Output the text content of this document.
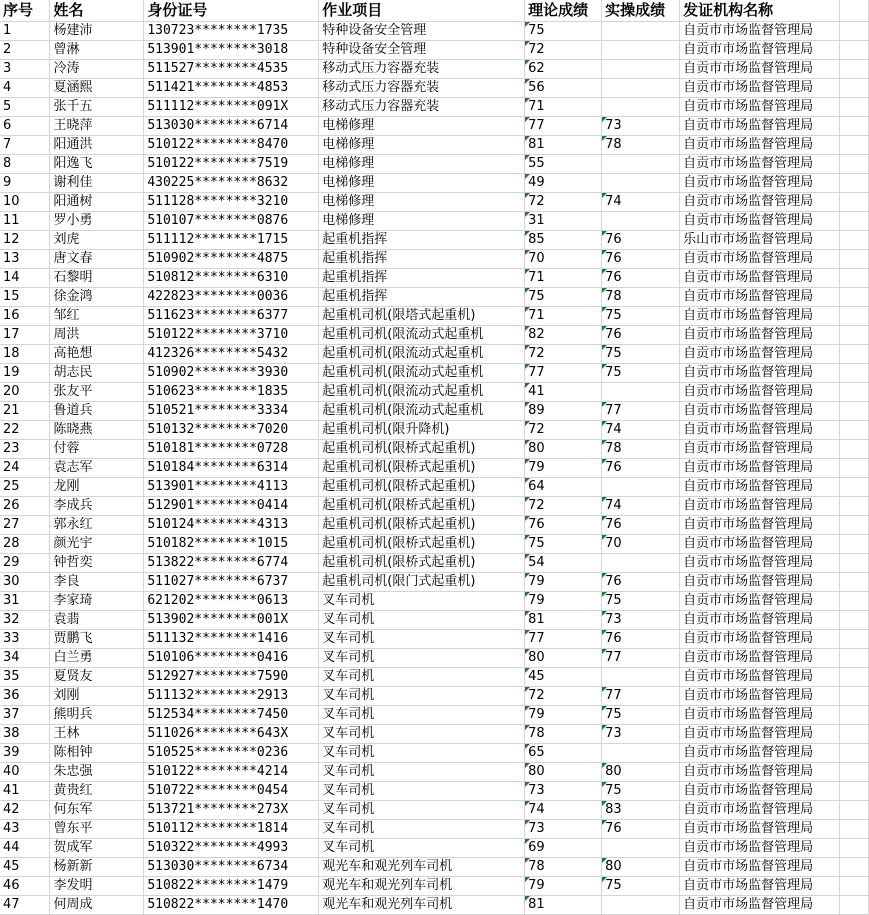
序号	姓名	身份证号	作业项目	理论成绩	实操成绩	发证机构名称	
1	杨建沛	130723********1735	特种设备安全管理	75		自贡市市场监督管理局	
2	曾淋	513901********3018	特种设备安全管理	72		自贡市市场监督管理局	
3	冷涛	511527********4535	移动式压力容器充装	62		自贡市市场监督管理局	
4	夏涵熙	511421********4853	移动式压力容器充装	56		自贡市市场监督管理局	
5	张千五	511112********091X	移动式压力容器充装	71		自贡市市场监督管理局	
6	王晓萍	513030********6714	电梯修理	77	73	自贡市市场监督管理局	
7	阳通洪	510122********8470	电梯修理	81	78	自贡市市场监督管理局	
8	阳逸飞	510122********7519	电梯修理	55		自贡市市场监督管理局	
9	谢利佳	430225********8632	电梯修理	49		自贡市市场监督管理局	
10	阳通树	511128********3210	电梯修理	72	74	自贡市市场监督管理局	
11	罗小勇	510107********0876	电梯修理	31		自贡市市场监督管理局	
12	刘虎	511112********1715	起重机指挥	85	76	乐山市市场监督管理局	
13	唐文春	510902********4875	起重机指挥	70	76	自贡市市场监督管理局	
14	石黎明	510812********6310	起重机指挥	71	76	自贡市市场监督管理局	
15	徐金鸿	422823********0036	起重机指挥	75	78	自贡市市场监督管理局	
16	邹红	511623********6377	起重机司机(限塔式起重机)	71	75	自贡市市场监督管理局	
17	周洪	510122********3710	起重机司机(限流动式起重机	82	76	自贡市市场监督管理局	
18	高艳想	412326********5432	起重机司机(限流动式起重机	72	75	自贡市市场监督管理局	
19	胡志民	510902********3930	起重机司机(限流动式起重机	77	75	自贡市市场监督管理局	
20	张友平	510623********1835	起重机司机(限流动式起重机	41		自贡市市场监督管理局	
21	鲁道兵	510521********3334	起重机司机(限流动式起重机	89	77	自贡市市场监督管理局	
22	陈晓燕	510132********7020	起重机司机(限升降机)	72	74	自贡市市场监督管理局	
23	付蓉	510181********0728	起重机司机(限桥式起重机)	80	78	自贡市市场监督管理局	
24	袁志军	510184********6314	起重机司机(限桥式起重机)	79	76	自贡市市场监督管理局	
25	龙刚	513901********4113	起重机司机(限桥式起重机)	64		自贡市市场监督管理局	
26	李成兵	512901********0414	起重机司机(限桥式起重机)	72	74	自贡市市场监督管理局	
27	郭永红	510124********4313	起重机司机(限桥式起重机)	76	76	自贡市市场监督管理局	
28	颜光宇	510182********1015	起重机司机(限桥式起重机)	75	70	自贡市市场监督管理局	
29	钟哲奕	513822********6774	起重机司机(限桥式起重机)	54		自贡市市场监督管理局	
30	李良	511027********6737	起重机司机(限门式起重机)	79	76	自贡市市场监督管理局	
31	李家琦	621202********0613	叉车司机	79	75	自贡市市场监督管理局	
32	袁翡	513902********001X	叉车司机	81	73	自贡市市场监督管理局	
33	贾鹏飞	511132********1416	叉车司机	77	76	自贡市市场监督管理局	
34	白兰勇	510106********0416	叉车司机	80	77	自贡市市场监督管理局	
35	夏贤友	512927********7590	叉车司机	45		自贡市市场监督管理局	
36	刘刚	511132********2913	叉车司机	72	77	自贡市市场监督管理局	
37	熊明兵	512534********7450	叉车司机	79	75	自贡市市场监督管理局	
38	王林	511026********643X	叉车司机	78	73	自贡市市场监督管理局	
39	陈相钟	510525********0236	叉车司机	65		自贡市市场监督管理局	
40	朱忠强	510122********4214	叉车司机	80	80	自贡市市场监督管理局	
41	黄贵红	510722********0454	叉车司机	73	75	自贡市市场监督管理局	
42	何东军	513721********273X	叉车司机	74	83	自贡市市场监督管理局	
43	曾东平	510112********1814	叉车司机	73	76	自贡市市场监督管理局	
44	贺成军	510322********4993	叉车司机	69		自贡市市场监督管理局	
45	杨新新	513030********6734	观光车和观光列车司机	78	80	自贡市市场监督管理局	
46	李发明	510822********1479	观光车和观光列车司机	79	75	自贡市市场监督管理局	
47	何周成	510822********1470	观光车和观光列车司机	81		自贡市市场监督管理局	
